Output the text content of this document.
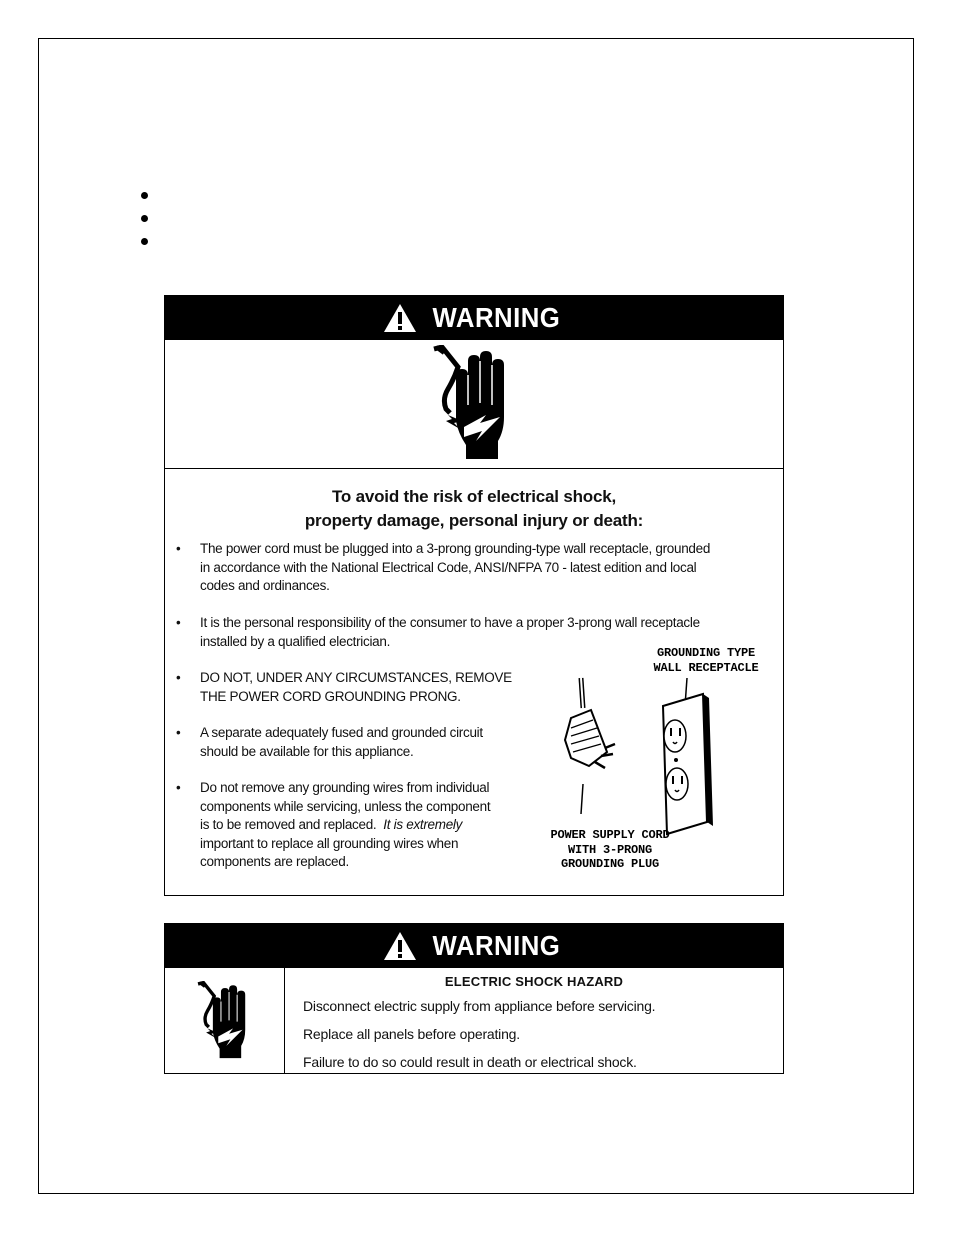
WARNING
To avoid the risk of electrical shock,
property damage, personal injury or death:
• The power cord must be plugged into a 3-prong grounding-type wall receptacle, grounded
in accordance with the National Electrical Code, ANSI/NFPA 70 - latest edition and local
codes and ordinances.
• It is the personal responsibility of the consumer to have a proper 3-prong wall receptacle
installed by a qualified electrician.
• DO NOT, UNDER ANY CIRCUMSTANCES, REMOVE
THE POWER CORD GROUNDING PRONG.
• A separate adequately fused and grounded circuit
should be available for this appliance.
• Do not remove any grounding wires from individual
components while servicing, unless the component
is to be removed and replaced. It is extremely
important to replace all grounding wires when
components are replaced.
GROUNDING TYPE
WALL RECEPTACLE
POWER SUPPLY CORD
WITH 3-PRONG
GROUNDING PLUG
WARNING
ELECTRIC SHOCK HAZARD
Disconnect electric supply from appliance before servicing.
Replace all panels before operating.
Failure to do so could result in death or electrical shock.
